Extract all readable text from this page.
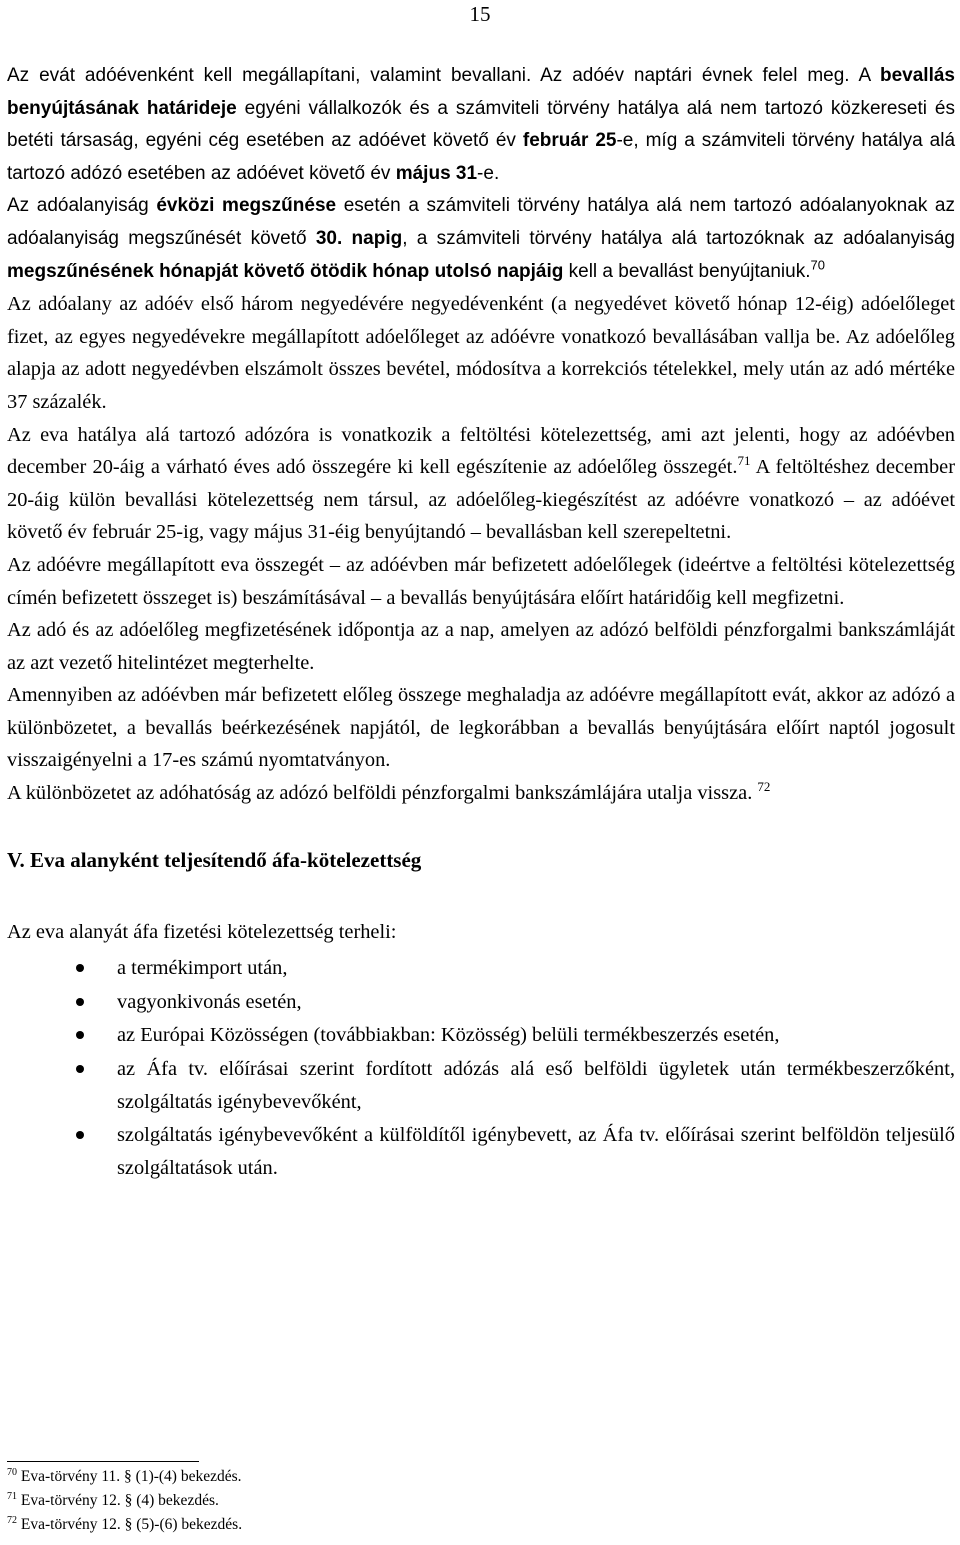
15

Az evát adóévenként kell megállapítani, valamint bevallani. Az adóév naptári évnek felel meg. A bevallás benyújtásának határideje egyéni vállalkozók és a számviteli törvény hatálya alá nem tartozó közkereseti és betéti társaság, egyéni cég esetében az adóévet követő év február 25-e, míg a számviteli törvény hatálya alá tartozó adózó esetében az adóévet követő év május 31-e.

Az adóalanyiság évközi megszűnése esetén a számviteli törvény hatálya alá nem tartozó adóalanyoknak az adóalanyiság megszűnését követő 30. napig, a számviteli törvény hatálya alá tartozóknak az adóalanyiság megszűnésének hónapját követő ötödik hónap utolsó napjáig kell a bevallást benyújtaniuk.$^{70}$

Az adóalany az adóév első három negyedévére negyedévenként (a negyedévet követő hónap 12-éig) adóelőleget fizet, az egyes negyedévekre megállapított adóelőleget az adóévre vonatkozó bevallásában vallja be. Az adóelőleg alapja az adott negyedévben elszámolt összes bevétel, módosítva a korrekciós tételekkel, mely után az adó mértéke 37 százalék.

Az eva hatálya alá tartozó adózóra is vonatkozik a feltöltési kötelezettség, ami azt jelenti, hogy az adóévben december 20-áig a várható éves adó összegére ki kell egészítenie az adóelőleg összegét.$^{71}$ A feltöltéshez december 20-áig külön bevallási kötelezettség nem társul, az adóelőleg-kiegészítést az adóévre vonatkozó – az adóévet követő év február 25-ig, vagy május 31-éig benyújtandó – bevallásban kell szerepeltetni.

Az adóévre megállapított eva összegét – az adóévben már befizetett adóelőlegek (ideértve a feltöltési kötelezettség címén befizetett összeget is) beszámításával – a bevallás benyújtására előírt határidőig kell megfizetni.

Az adó és az adóelőleg megfizetésének időpontja az a nap, amelyen az adózó belföldi pénzforgalmi bankszámláját az azt vezető hitelintézet megterhelte.

Amennyiben az adóévben már befizetett előleg összege meghaladja az adóévre megállapított evát, akkor az adózó a különbözetet, a bevallás beérkezésének napjától, de legkorábban a bevallás benyújtására előírt naptól jogosult visszaigényelni a 17-es számú nyomtatványon.

A különbözetet az adóhatóság az adózó belföldi pénzforgalmi bankszámlájára utalja vissza. $^{72}$

V. Eva alanyként teljesítendő áfa-kötelezettség

Az eva alanyát áfa fizetési kötelezettség terheli:

a termékimport után,
vagyonkivonás esetén,
az Európai Közösségen (továbbiakban: Közösség) belüli termékbeszerzés esetén,
az Áfa tv. előírásai szerint fordított adózás alá eső belföldi ügyletek után termékbeszerzőként, szolgáltatás igénybevevőként,
szolgáltatás igénybevevőként a külföldítől igénybevett, az Áfa tv. előírásai szerint belföldön teljesülő szolgáltatások után.
$^{70}$ Eva-törvény 11. § (1)-(4) bekezdés.
$^{71}$ Eva-törvény 12. § (4) bekezdés.
$^{72}$ Eva-törvény 12. § (5)-(6) bekezdés.
